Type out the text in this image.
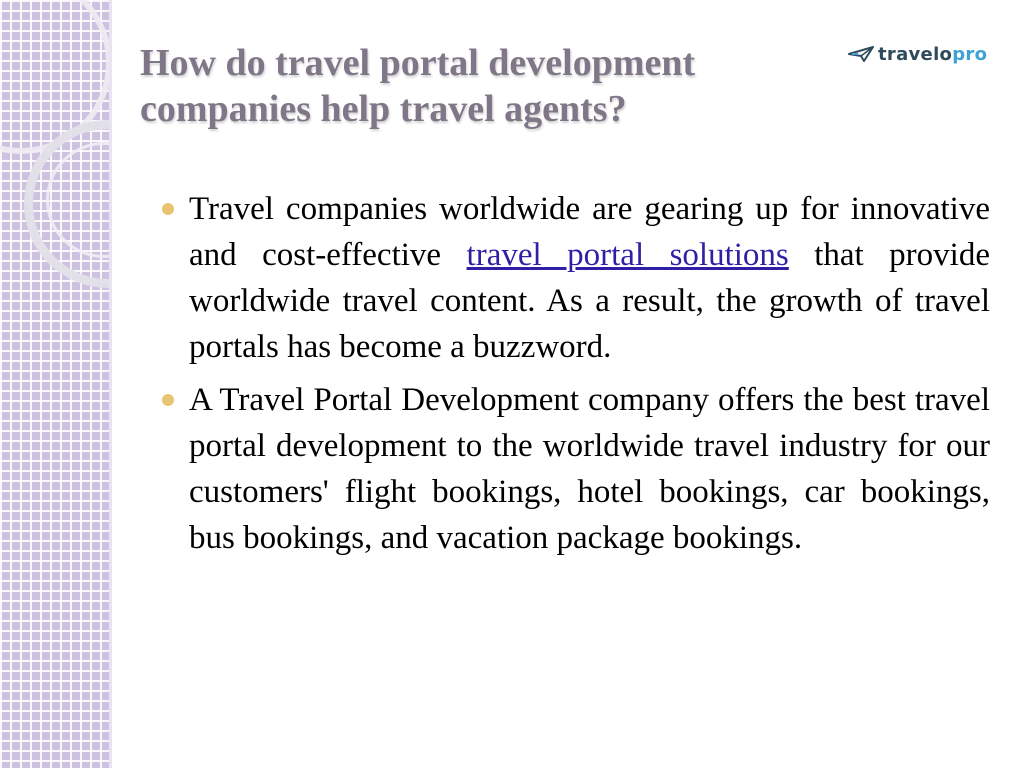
How do travel portal development
companies help travel agents?
travelopro
Travel companies worldwide are gearing up for innovative and cost-effective travel portal solutions that provide worldwide travel content. As a result, the growth of travel portals has become a buzzword.
A Travel Portal Development company offers the best travel portal development to the worldwide travel industry for our customers' flight bookings, hotel bookings, car bookings, bus bookings, and vacation package bookings.
